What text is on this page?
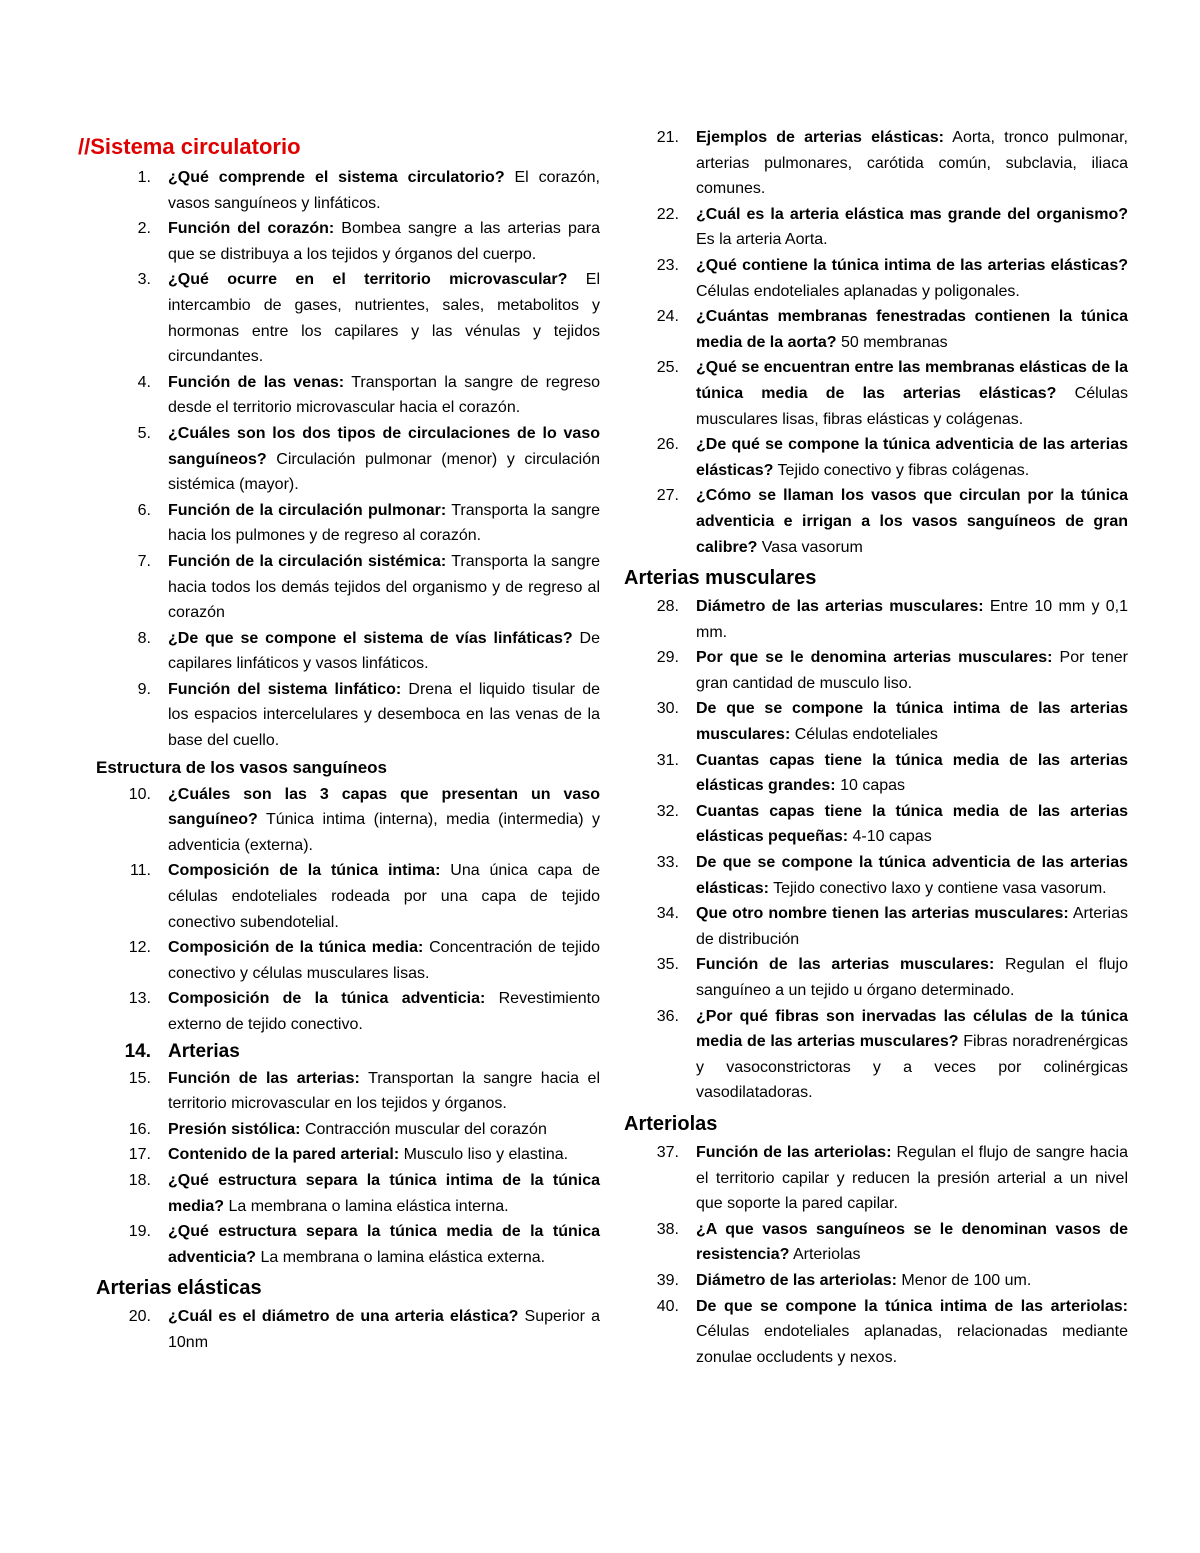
//Sistema circulatorio
1. ¿Qué comprende el sistema circulatorio? El corazón, vasos sanguíneos y linfáticos.
2. Función del corazón: Bombea sangre a las arterias para que se distribuya a los tejidos y órganos del cuerpo.
3. ¿Qué ocurre en el territorio microvascular? El intercambio de gases, nutrientes, sales, metabolitos y hormonas entre los capilares y las vénulas y tejidos circundantes.
4. Función de las venas: Transportan la sangre de regreso desde el territorio microvascular hacia el corazón.
5. ¿Cuáles son los dos tipos de circulaciones de lo vaso sanguíneos? Circulación pulmonar (menor) y circulación sistémica (mayor).
6. Función de la circulación pulmonar: Transporta la sangre hacia los pulmones y de regreso al corazón.
7. Función de la circulación sistémica: Transporta la sangre hacia todos los demás tejidos del organismo y de regreso al corazón
8. ¿De que se compone el sistema de vías linfáticas? De capilares linfáticos y vasos linfáticos.
9. Función del sistema linfático: Drena el liquido tisular de los espacios intercelulares y desemboca en las venas de la base del cuello.
Estructura de los vasos sanguíneos
10. ¿Cuáles son las 3 capas que presentan un vaso sanguíneo? Túnica intima (interna), media (intermedia) y adventicia (externa).
11. Composición de la túnica intima: Una única capa de células endoteliales rodeada por una capa de tejido conectivo subendotelial.
12. Composición de la túnica media: Concentración de tejido conectivo y células musculares lisas.
13. Composición de la túnica adventicia: Revestimiento externo de tejido conectivo.
14. Arterias
15. Función de las arterias: Transportan la sangre hacia el territorio microvascular en los tejidos y órganos.
16. Presión sistólica: Contracción muscular del corazón
17. Contenido de la pared arterial: Musculo liso y elastina.
18. ¿Qué estructura separa la túnica intima de la túnica media? La membrana o lamina elástica interna.
19. ¿Qué estructura separa la túnica media de la túnica adventicia? La membrana o lamina elástica externa.
Arterias elásticas
20. ¿Cuál es el diámetro de una arteria elástica? Superior a 10nm
21. Ejemplos de arterias elásticas: Aorta, tronco pulmonar, arterias pulmonares, carótida común, subclavia, iliaca comunes.
22. ¿Cuál es la arteria elástica mas grande del organismo? Es la arteria Aorta.
23. ¿Qué contiene la túnica intima de las arterias elásticas? Células endoteliales aplanadas y poligonales.
24. ¿Cuántas membranas fenestradas contienen la túnica media de la aorta? 50 membranas
25. ¿Qué se encuentran entre las membranas elásticas de la túnica media de las arterias elásticas? Células musculares lisas, fibras elásticas y colágenas.
26. ¿De qué se compone la túnica adventicia de las arterias elásticas? Tejido conectivo y fibras colágenas.
27. ¿Cómo se llaman los vasos que circulan por la túnica adventicia e irrigan a los vasos sanguíneos de gran calibre? Vasa vasorum
Arterias musculares
28. Diámetro de las arterias musculares: Entre 10 mm y 0,1 mm.
29. Por que se le denomina arterias musculares: Por tener gran cantidad de musculo liso.
30. De que se compone la túnica intima de las arterias musculares: Células endoteliales
31. Cuantas capas tiene la túnica media de las arterias elásticas grandes: 10 capas
32. Cuantas capas tiene la túnica media de las arterias elásticas pequeñas: 4-10 capas
33. De que se compone la túnica adventicia de las arterias elásticas: Tejido conectivo laxo y contiene vasa vasorum.
34. Que otro nombre tienen las arterias musculares: Arterias de distribución
35. Función de las arterias musculares: Regulan el flujo sanguíneo a un tejido u órgano determinado.
36. ¿Por qué fibras son inervadas las células de la túnica media de las arterias musculares? Fibras noradrenérgicas y vasoconstrictoras y a veces por colinérgicas vasodilatadoras.
Arteriolas
37. Función de las arteriolas: Regulan el flujo de sangre hacia el territorio capilar y reducen la presión arterial a un nivel que soporte la pared capilar.
38. ¿A que vasos sanguíneos se le denominan vasos de resistencia? Arteriolas
39. Diámetro de las arteriolas: Menor de 100 um.
40. De que se compone la túnica intima de las arteriolas: Células endoteliales aplanadas, relacionadas mediante zonulae occludents y nexos.
